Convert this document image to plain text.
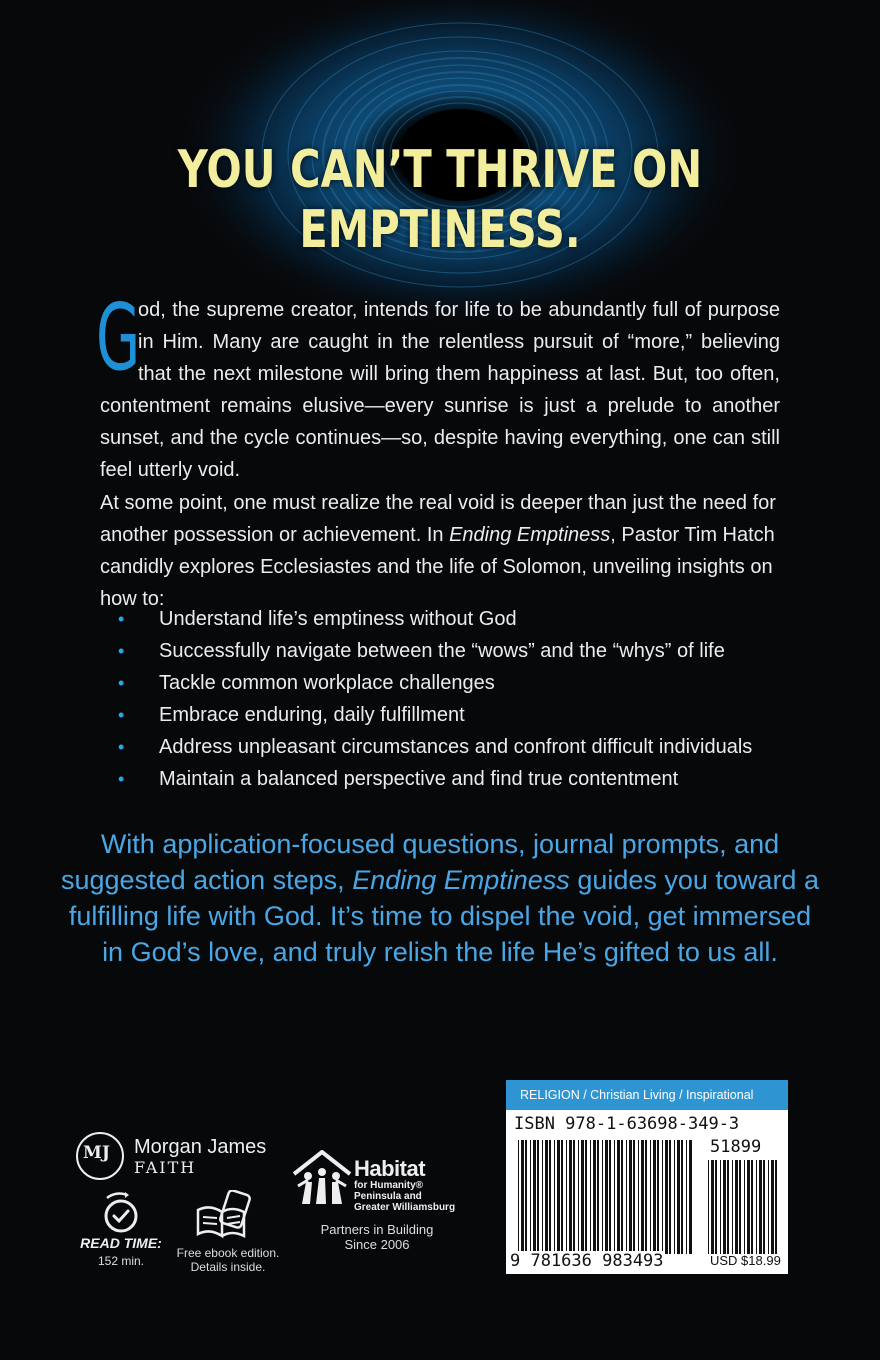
YOU CAN’T THRIVE ON EMPTINESS.
G
od, the supreme creator, intends for life to be abundantly full of purpose in Him. Many are caught in the relentless pursuit of “more,” believing that the next milestone will bring them happiness at last. But, too often, contentment remains elusive—every sunrise is just a prelude to another sunset, and the cycle continues—so, despite having everything, one can still feel utterly void.
At some point, one must realize the real void is deeper than just the need for another possession or achievement. In Ending Emptiness, Pastor Tim Hatch candidly explores Ecclesiastes and the life of Solomon, unveiling insights on how to:
• Understand life’s emptiness without God
• Successfully navigate between the “wows” and the “whys” of life
• Tackle common workplace challenges
• Embrace enduring, daily fulfillment
• Address unpleasant circumstances and confront difficult individuals
• Maintain a balanced perspective and find true contentment
With application-focused questions, journal prompts, and suggested action steps, Ending Emptiness guides you toward a fulfilling life with God. It’s time to dispel the void, get immersed in God’s love, and truly relish the life He’s gifted to us all.
MJ Morgan James
FAITH
READ TIME:
152 min.
Free ebook edition.
Details inside.
Habitat
for Humanity®
Peninsula and
Greater Williamsburg
Partners in Building
Since 2006
RELIGION / Christian Living / Inspirational
ISBN 978-1-63698-349-3
51899
9 781636 983493	USD $18.99
